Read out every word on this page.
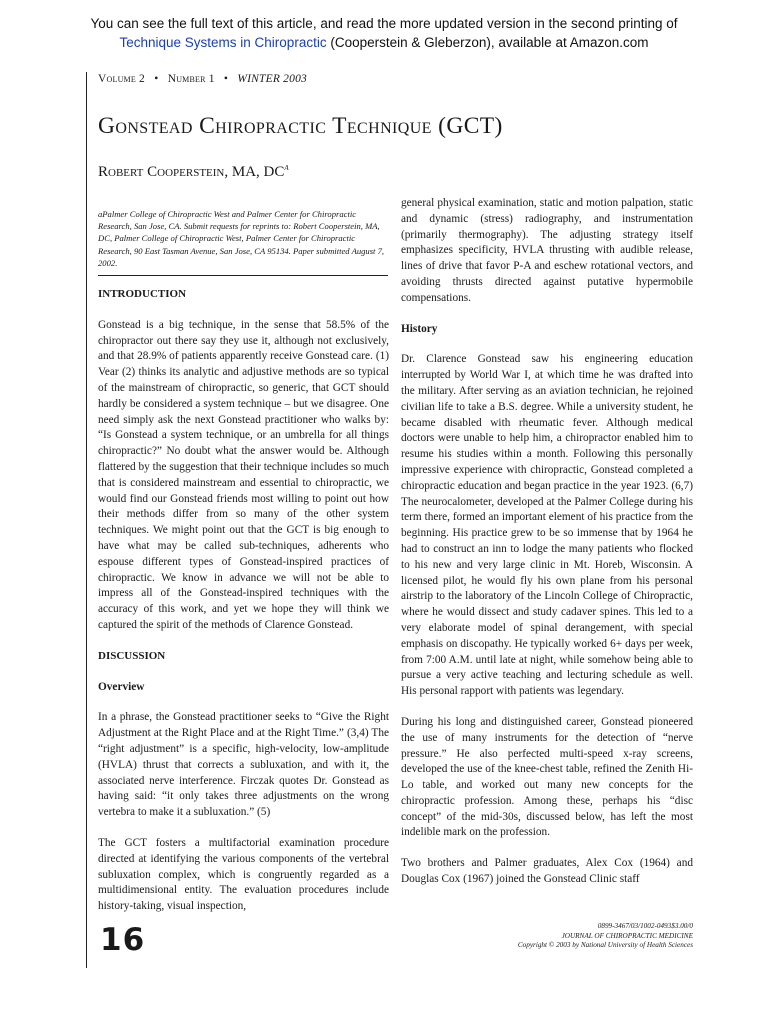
You can see the full text of this article, and read the more updated version in the second printing of
Technique Systems in Chiropractic (Cooperstein & Gleberzon), available at Amazon.com
Volume 2 • Number 1 • WINTER 2003
Gonstead Chiropractic Technique (GCT)
Robert Cooperstein, MA, $DC^a$
aPalmer College of Chiropractic West and Palmer Center for Chiropractic Research, San Jose, CA. Submit requests for reprints to: Robert Cooperstein, MA, DC, Palmer College of Chiropractic West, Palmer Center for Chiropractic Research, 90 East Tasman Avenue, San Jose, CA 95134. Paper submitted August 7, 2002.
INTRODUCTION

Gonstead is a big technique, in the sense that 58.5% of the chiropractor out there say they use it, although not exclusively, and that 28.9% of patients apparently receive Gonstead care. (1) Vear (2) thinks its analytic and adjustive methods are so typical of the mainstream of chiropractic, so generic, that GCT should hardly be considered a system technique – but we disagree. One need simply ask the next Gonstead practitioner who walks by: “Is Gonstead a system technique, or an umbrella for all things chiropractic?” No doubt what the answer would be. Although flattered by the suggestion that their technique includes so much that is considered mainstream and essential to chiropractic, we would find our Gonstead friends most willing to point out how their methods differ from so many of the other system techniques. We might point out that the GCT is big enough to have what may be called sub-techniques, adherents who espouse different types of Gonstead-inspired practices of chiropractic. We know in advance we will not be able to impress all of the Gonstead-inspired techniques with the accuracy of this work, and yet we hope they will think we captured the spirit of the methods of Clarence Gonstead.

DISCUSSION
Overview

In a phrase, the Gonstead practitioner seeks to “Give the Right Adjustment at the Right Place and at the Right Time.” (3,4) The “right adjustment” is a specific, high-velocity, low-amplitude (HVLA) thrust that corrects a subluxation, and with it, the associated nerve interference. Firczak quotes Dr. Gonstead as having said: “it only takes three adjustments on the wrong vertebra to make it a subluxation.” (5)

The GCT fosters a multifactorial examination procedure directed at identifying the various components of the vertebral subluxation complex, which is congruently regarded as a multidimensional entity. The evaluation procedures include history-taking, visual inspection,

general physical examination, static and motion palpation, static and dynamic (stress) radiography, and instrumentation (primarily thermography). The adjusting strategy itself emphasizes specificity, HVLA thrusting with audible release, lines of drive that favor P-A and eschew rotational vectors, and avoiding thrusts directed against putative hypermobile compensations.

History

Dr. Clarence Gonstead saw his engineering education interrupted by World War I, at which time he was drafted into the military. After serving as an aviation technician, he rejoined civilian life to take a B.S. degree. While a university student, he became disabled with rheumatic fever. Although medical doctors were unable to help him, a chiropractor enabled him to resume his studies within a month. Following this personally impressive experience with chiropractic, Gonstead completed a chiropractic education and began practice in the year 1923. (6,7) The neurocalometer, developed at the Palmer College during his term there, formed an important element of his practice from the beginning. His practice grew to be so immense that by 1964 he had to construct an inn to lodge the many patients who flocked to his new and very large clinic in Mt. Horeb, Wisconsin. A licensed pilot, he would fly his own plane from his personal airstrip to the laboratory of the Lincoln College of Chiropractic, where he would dissect and study cadaver spines. This led to a very elaborate model of spinal derangement, with special emphasis on discopathy. He typically worked 6+ days per week, from 7:00 A.M. until late at night, while somehow being able to pursue a very active teaching and lecturing schedule as well. His personal rapport with patients was legendary.

During his long and distinguished career, Gonstead pioneered the use of many instruments for the detection of “nerve pressure.” He also perfected multi-speed x-ray screens, developed the use of the knee-chest table, refined the Zenith Hi-Lo table, and worked out many new concepts for the chiropractic profession. Among these, perhaps his “disc concept” of the mid-30s, discussed below, has left the most indelible mark on the profession.

Two brothers and Palmer graduates, Alex Cox (1964) and Douglas Cox (1967) joined the Gonstead Clinic staff

16	0899-3467/03/1002-0493$3.00/0
JOURNAL OF CHIROPRACTIC MEDICINE
Copyright © 2003 by National University of Health Sciences
